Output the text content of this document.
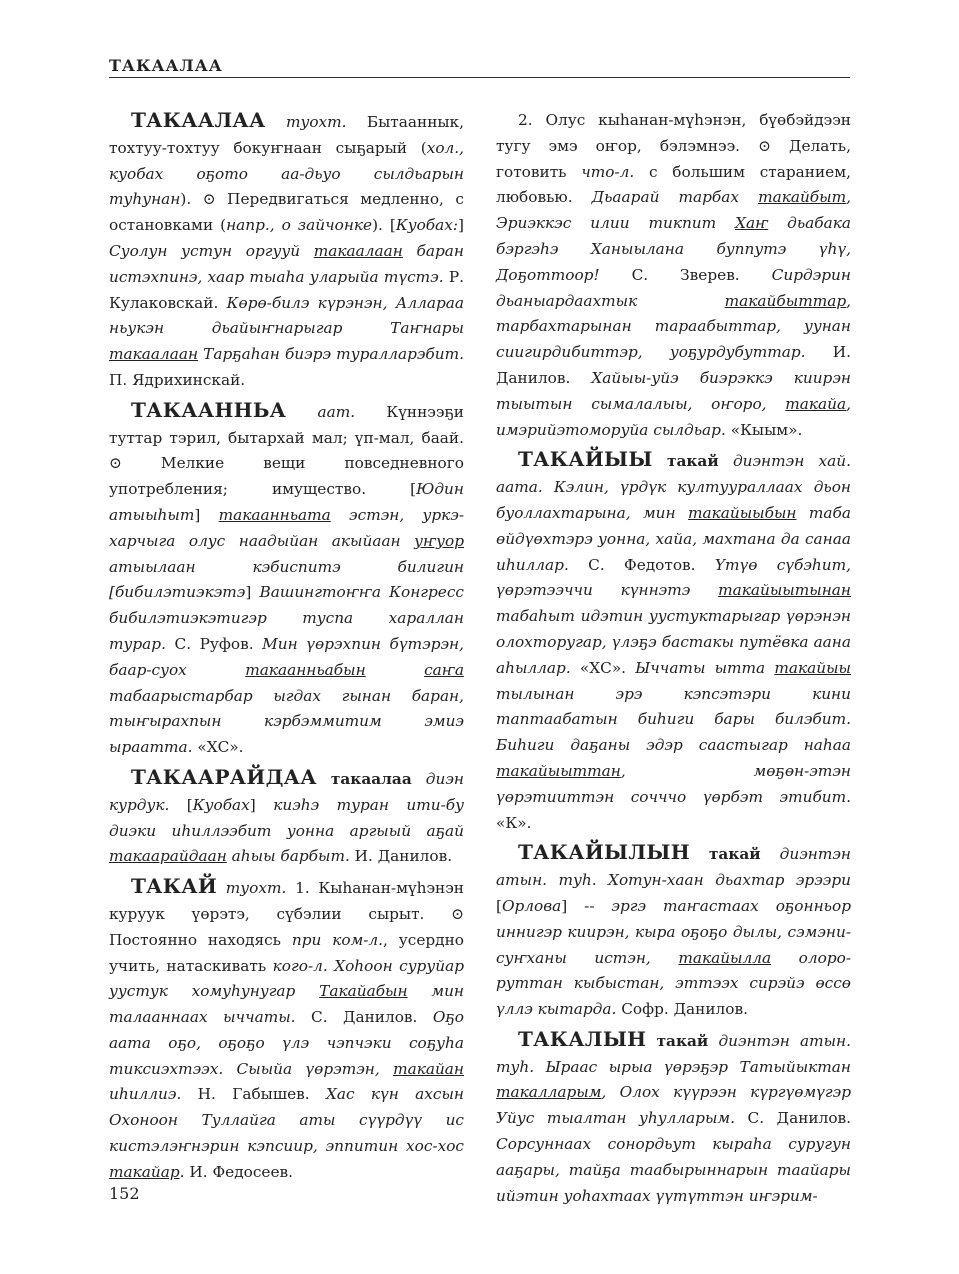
ТАКААЛАА

ТАКААЛАА туохт. Бытааннык, тохтуу-тохтуу бокуҥнаан сыҕарый (хол., куобах оҕото аа-дьуо сылдьарын туһунан). ⊙ Передвигаться медленно, с остановками (напр., о зайчонке). [Куобах:] Суолун устун оргууй такаалаан баран истэхпинэ, хаар тыаһа уларыйа түстэ. Р. Кулаковскай. Көрө-билэ күрэнэн, Аллараа ньукэн дьайыҥнарыгар Таҥнары такаалаан Тарҕаһан биэрэ туралларэбит. П. Ядрихинскай.

ТАКААННЬА аат. Күннээҕи туттар тэрил, бытархай мал; үп-мал, баай. ⊙ Мелкие вещи повседневного употребления; имущество. [Юдин атыыһыт] такаанньата эстэн, уркэ-харчыга олус наадыйан акыйаан уҥуор атыылаан кэбиспитэ билигин [бибилэтиэкэтэ] Вашингтоҥҥа Конгресс бибилэтиэкэтигэр туспа хараллан турар. С. Руфов. Мин үөрэхпин бүтэрэн, баар-суох такаанньабын	саҥа табаарыстарбар ыгдах гынан баран, тыҥырахпын кэрбэммитим эмиэ ыраатта. «ХС».

ТАКААРАЙДАА такаалаа диэн курдук. [Куобах] киэһэ туран ити-бу диэки иһиллээбит уонна аргыый аҕай такаарайдаан аһыы барбыт. И. Данилов.

ТАКАЙ туохт. 1. Кыһанан-мүһэнэн куруук үөрэтэ, сүбэлии сырыт. ⊙ Постоянно находясь при ком-л., усердно учить, натаскивать кого-л. Хоһоон суруйар уустук хомуһунугар Такайабын мин талааннаах ыччаты. С. Данилов. Оҕо аата оҕо, оҕоҕо үлэ чэпчэки соҕуһа тиксиэхтээх. Сыыйа үөрэтэн, такайан иһиллиэ. Н. Габышев. Хас күн ахсын Охоноон Туллайга аты сүүрдүү ис кистэлэҥнэрин кэпсиир, эппитин хос-хос такайар. И. Федосеев.

2. Олус кыһанан-мүһэнэн, бүөбэйдээн тугу эмэ оҥор, бэлэмнээ. ⊙ Делать, готовить что-л. с большим старанием, любовью. Дьаарай тарбах такайбыт, Эриэккэс илии тикпит Хаҥ дьабака бэргэһэ Ханыылана буппутэ үһү, Доҕоттоор! С. Зверев. Сирдэрин дьаныардаахтык такайбыттар, тарбахтарынан тараабыттар, уунан сиигирдибиттэр, уоҕурдубуттар. И. Данилов. Хайыы-уйэ биэрэккэ киирэн тыытын сымалалыы, оҥоро, такайа, имэрийэтоморуйа сылдьар. «Кыым».

ТАКАЙЫЫ такай диэнтэн хай. аата. Кэлин, үрдүк култуураллаах дьон буоллахтарына, мин такайыыбын таба өйдүөхтэрэ уонна, хайа, махтана да санаа иһиллар. С. Федотов. Үтүө сүбэһит, үөрэтээччи күннэтэ такайыытынан табаһыт идэтин уустуктарыгар үөрэнэн олохторугар, үлэҕэ бастакы путёвка аана аһыллар. «ХС». Ыччаты ытта такайыы тылынан эрэ кэпсэтэри кини таптаабатын биһиги бары билэбит. Биһиги даҕаны эдэр саастыгар наһаа такайыыттан, мөҕөн-этэн үөрэтииттэн сочччо үөрбэт этибит. «К».

ТАКАЙЫЛЫН такай диэнтэн атын. туһ. Хотун-хаан дьахтар эрээри [Орлова] -- эргэ таҥастаах оҕонньор иннигэр киирэн, кыра оҕоҕо дылы, сэмэни-суҥханы истэн, такайылла олоро- руттан кыбыстан, эттээх сирэйэ өссө үллэ кытарда. Софр. Данилов.

ТАКАЛЫН такай диэнтэн атын. туһ. Ыраас ырыа үөрэҕэр Татыйыктан такалларым, Олох күүрээн күргүөмүгэр Уйус тыалтан уһулларым. С. Данилов. Сорсуннаах сонордьут кыраһа суругун ааҕары, тайҕа таабырыннарын таайары ийэтин уоһахтаах үүтүттэн иҥэрим-

152
